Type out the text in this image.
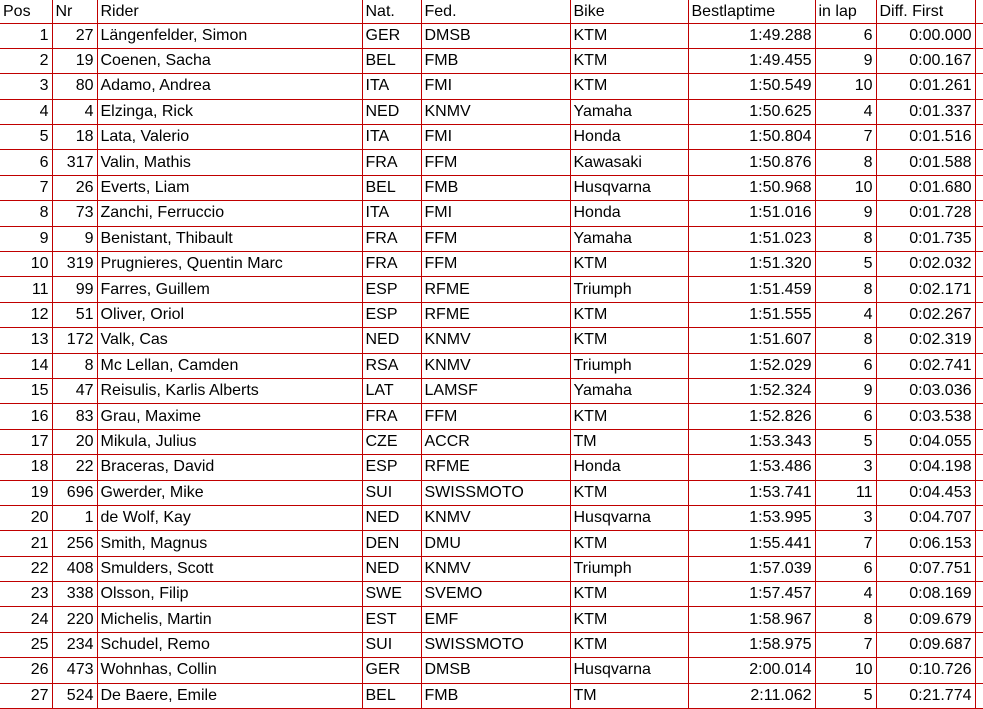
Pos	Nr	Rider	Nat.	Fed.	Bike	Bestlaptime	in lap	Diff. First	
1	27	Längenfelder, Simon	GER	DMSB	KTM	1:49.288	6	0:00.000	
2	19	Coenen, Sacha	BEL	FMB	KTM	1:49.455	9	0:00.167	
3	80	Adamo, Andrea	ITA	FMI	KTM	1:50.549	10	0:01.261	
4	4	Elzinga, Rick	NED	KNMV	Yamaha	1:50.625	4	0:01.337	
5	18	Lata, Valerio	ITA	FMI	Honda	1:50.804	7	0:01.516	
6	317	Valin, Mathis	FRA	FFM	Kawasaki	1:50.876	8	0:01.588	
7	26	Everts, Liam	BEL	FMB	Husqvarna	1:50.968	10	0:01.680	
8	73	Zanchi, Ferruccio	ITA	FMI	Honda	1:51.016	9	0:01.728	
9	9	Benistant, Thibault	FRA	FFM	Yamaha	1:51.023	8	0:01.735	
10	319	Prugnieres, Quentin Marc	FRA	FFM	KTM	1:51.320	5	0:02.032	
11	99	Farres, Guillem	ESP	RFME	Triumph	1:51.459	8	0:02.171	
12	51	Oliver, Oriol	ESP	RFME	KTM	1:51.555	4	0:02.267	
13	172	Valk, Cas	NED	KNMV	KTM	1:51.607	8	0:02.319	
14	8	Mc Lellan, Camden	RSA	KNMV	Triumph	1:52.029	6	0:02.741	
15	47	Reisulis, Karlis Alberts	LAT	LAMSF	Yamaha	1:52.324	9	0:03.036	
16	83	Grau, Maxime	FRA	FFM	KTM	1:52.826	6	0:03.538	
17	20	Mikula, Julius	CZE	ACCR	TM	1:53.343	5	0:04.055	
18	22	Braceras, David	ESP	RFME	Honda	1:53.486	3	0:04.198	
19	696	Gwerder, Mike	SUI	SWISSMOTO	KTM	1:53.741	11	0:04.453	
20	1	de Wolf, Kay	NED	KNMV	Husqvarna	1:53.995	3	0:04.707	
21	256	Smith, Magnus	DEN	DMU	KTM	1:55.441	7	0:06.153	
22	408	Smulders, Scott	NED	KNMV	Triumph	1:57.039	6	0:07.751	
23	338	Olsson, Filip	SWE	SVEMO	KTM	1:57.457	4	0:08.169	
24	220	Michelis, Martin	EST	EMF	KTM	1:58.967	8	0:09.679	
25	234	Schudel, Remo	SUI	SWISSMOTO	KTM	1:58.975	7	0:09.687	
26	473	Wohnhas, Collin	GER	DMSB	Husqvarna	2:00.014	10	0:10.726	
27	524	De Baere, Emile	BEL	FMB	TM	2:11.062	5	0:21.774	
